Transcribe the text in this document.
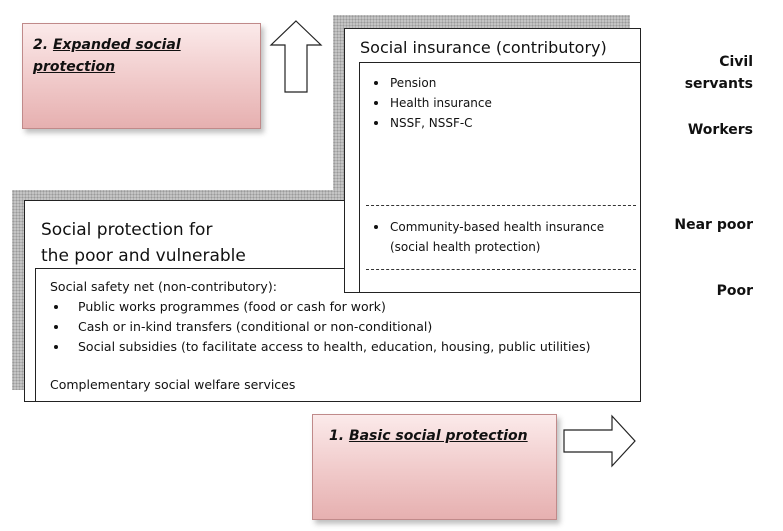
2. Expanded social
protection
Social protection for
the poor and vulnerable
Social safety net (non-contributory):
Public works programmes (food or cash for work)
Cash or in-kind transfers (conditional or non-conditional)
Social subsidies (to facilitate access to health, education, housing, public utilities)
Complementary social welfare services
Social insurance (contributory)
Pension
Health insurance
NSSF, NSSF-C
Community-based health insurance
(social health protection)
Civil
servants
Workers
Near poor
Poor
1. Basic social protection
